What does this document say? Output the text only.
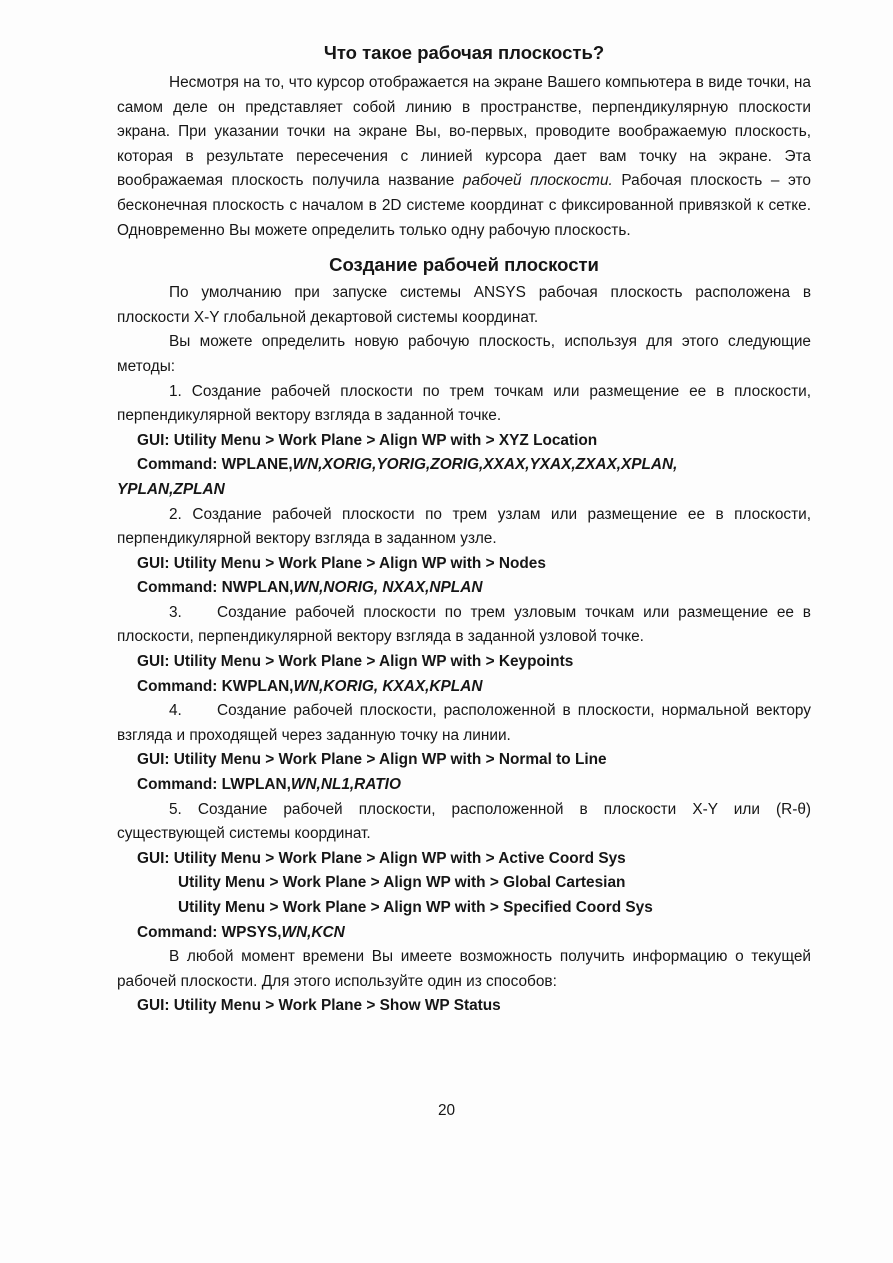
Что такое рабочая плоскость?

Несмотря на то, что курсор отображается на экране Вашего компьютера в виде точки, на самом деле он представляет собой линию в пространстве, перпендикулярную плоскости экрана. При указании точки на экране Вы, во-первых, проводите воображаемую плоскость, которая в результате пересечения с линией курсора дает вам точку на экране. Эта воображаемая плоскость получила название рабочей плоскости. Рабочая плоскость – это бесконечная плоскость с началом в 2D системе координат с фиксированной привязкой к сетке. Одновременно Вы можете определить только одну рабочую плоскость.

Создание рабочей плоскости

По умолчанию при запуске системы ANSYS рабочая плоскость расположена в плоскости X-Y глобальной декартовой системы координат.

Вы можете определить новую рабочую плоскость, используя для этого следующие методы:

1. Создание рабочей плоскости по трем точкам или размещение ее в плоскости, перпендикулярной вектору взгляда в заданной точке.

GUI: Utility Menu > Work Plane > Align WP with > XYZ Location

Command: WPLANE,WN,XORIG,YORIG,ZORIG,XXAX,YXAX,ZXAX,XPLAN,

YPLAN,ZPLAN

2. Создание рабочей плоскости по трем узлам или размещение ее в плоскости, перпендикулярной вектору взгляда в заданном узле.

GUI: Utility Menu > Work Plane > Align WP with > Nodes

Command: NWPLAN,WN,NORIG, NXAX,NPLAN

3. Создание рабочей плоскости по трем узловым точкам или размещение ее в плоскости, перпендикулярной вектору взгляда в заданной узловой точке.

GUI: Utility Menu > Work Plane > Align WP with > Keypoints

Command: KWPLAN,WN,KORIG, KXAX,KPLAN

4. Создание рабочей плоскости, расположенной в плоскости, нормальной вектору взгляда и проходящей через заданную точку на линии.

GUI: Utility Menu > Work Plane > Align WP with > Normal to Line

Command: LWPLAN,WN,NL1,RATIO

5. Создание рабочей плоскости, расположенной в плоскости X-Y или (R-θ) существующей системы координат.

GUI: Utility Menu > Work Plane > Align WP with > Active Coord Sys

Utility Menu > Work Plane > Align WP with > Global Cartesian

Utility Menu > Work Plane > Align WP with > Specified Coord Sys

Command: WPSYS,WN,KCN

В любой момент времени Вы имеете возможность получить информацию о текущей рабочей плоскости. Для этого используйте один из способов:

GUI: Utility Menu > Work Plane > Show WP Status

20
